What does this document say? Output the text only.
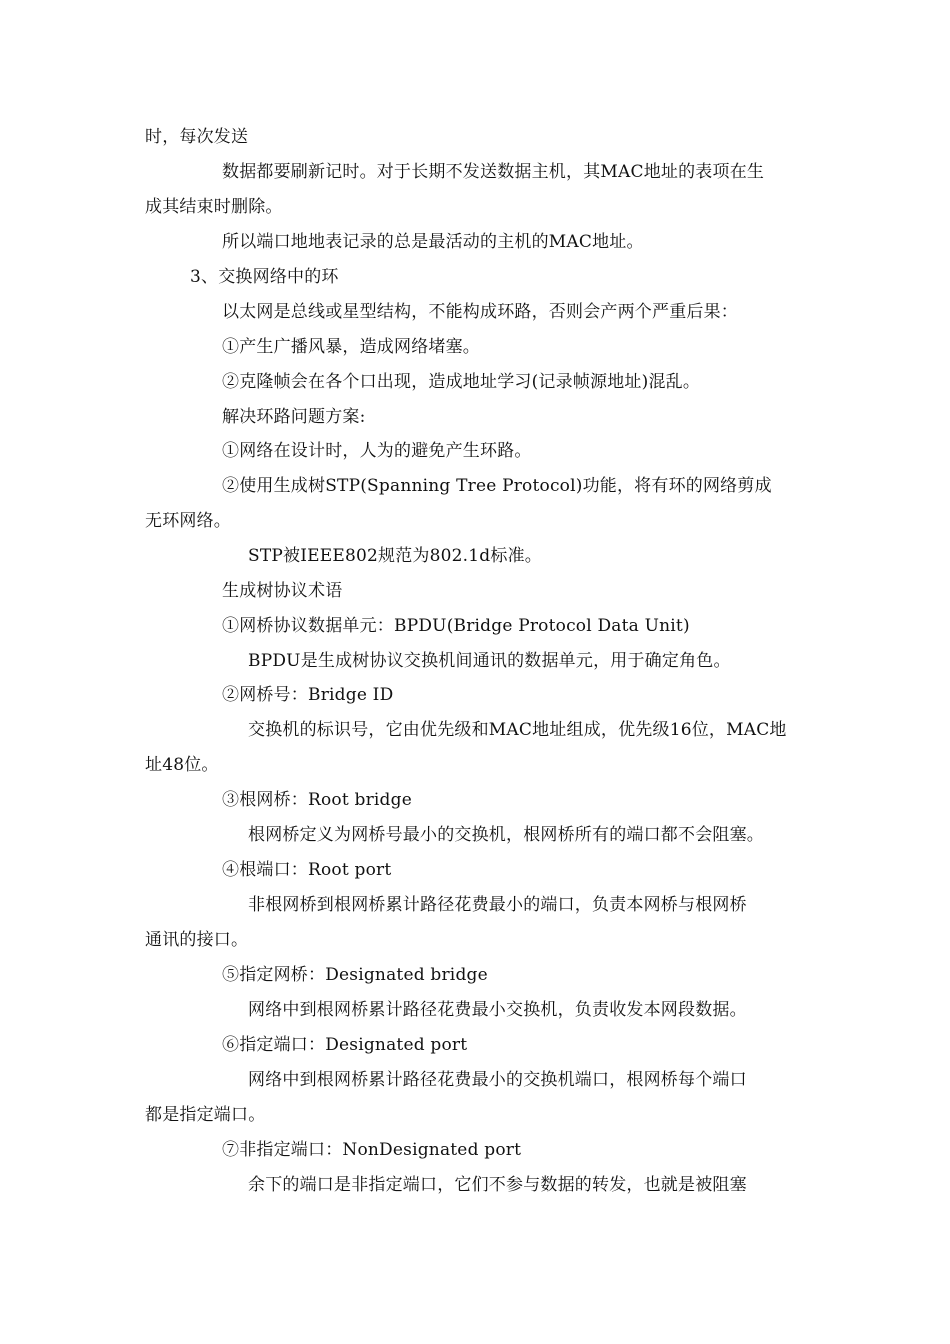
时，每次发送
数据都要刷新记时。对于长期不发送数据主机，其MAC地址的表项在生
成其结束时删除。
所以端口地地表记录的总是最活动的主机的MAC地址。
3、交换网络中的环
以太网是总线或星型结构，不能构成环路，否则会产两个严重后果：
①产生广播风暴，造成网络堵塞。
②克隆帧会在各个口出现，造成地址学习(记录帧源地址)混乱。
解决环路问题方案:
①网络在设计时，人为的避免产生环路。
②使用生成树STP(Spanning Tree Protocol)功能，将有环的网络剪成
无环网络。
STP被IEEE802规范为802.1d标准。
生成树协议术语
①网桥协议数据单元：BPDU(Bridge Protocol Data Unit)
BPDU是生成树协议交换机间通讯的数据单元，用于确定角色。
②网桥号：Bridge ID
交换机的标识号，它由优先级和MAC地址组成，优先级16位，MAC地
址48位。
③根网桥：Root bridge
根网桥定义为网桥号最小的交换机，根网桥所有的端口都不会阻塞。
④根端口：Root port
非根网桥到根网桥累计路径花费最小的端口，负责本网桥与根网桥
通讯的接口。
⑤指定网桥：Designated bridge
网络中到根网桥累计路径花费最小交换机，负责收发本网段数据。
⑥指定端口：Designated port
网络中到根网桥累计路径花费最小的交换机端口，根网桥每个端口
都是指定端口。
⑦非指定端口：NonDesignated port
余下的端口是非指定端口，它们不参与数据的转发，也就是被阻塞
